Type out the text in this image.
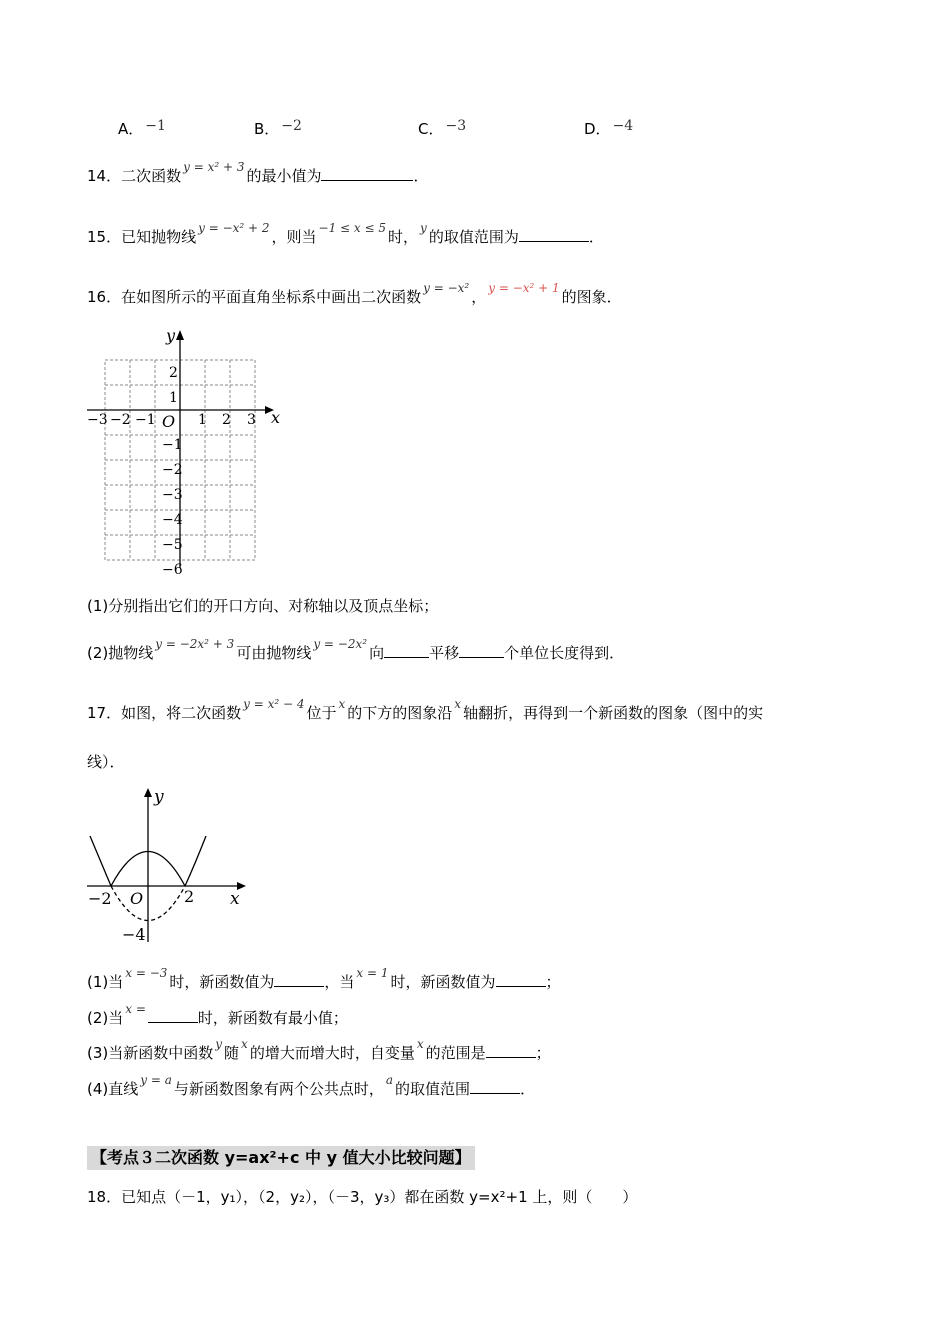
A． −1	B． −2	C． −3	D． −4
14．二次函数 $^{y = x^2 + 3}$ 的最小值为	．
15．已知抛物线 $^{y = -x^2 + 2}$ ，则当 $^{-1 \le x \le 5}$ 时， $^y$ 的取值范围为	．
16．在如图所示的平面直角坐标系中画出二次函数 $^{y = -x^2}$ ， $^{y = -x^2 + 1}$ 的图象．
y
x
O
−3 −2 −1	1 2 3
2
1
−1
−2
−3
−4
−5
−6
(1)分别指出它们的开口方向、对称轴以及顶点坐标；
(2)抛物线 $^{y = -2x^2 + 3}$ 可由抛物线 $^{y = -2x^2}$ 向	平移	个单位长度得到．
17．如图，将二次函数 $^{y = x^2 - 4}$ 位于 $^x$ 的下方的图象沿 $^x$ 轴翻折，再得到一个新函数的图象（图中的实
线）．
y
x
O
−2	2
−4
(1)当 $^{x = -3}$ 时，新函数值为	，当 $^{x = 1}$ 时，新函数值为	；
(2)当 $^{x =}$	时，新函数有最小值；
(3)当新函数中函数 $^y$ 随 $^x$ 的增大而增大时，自变量 $^x$ 的范围是	；
(4)直线 $^{y = a}$ 与新函数图象有两个公共点时， $^a$ 的取值范围	．
【考点３二次函数 y=ax²+c 中 y 值大小比较问题】
18．已知点（－1，y₁），（2，y₂），（－3，y₃）都在函数 y=x²+1 上，则（　　）
